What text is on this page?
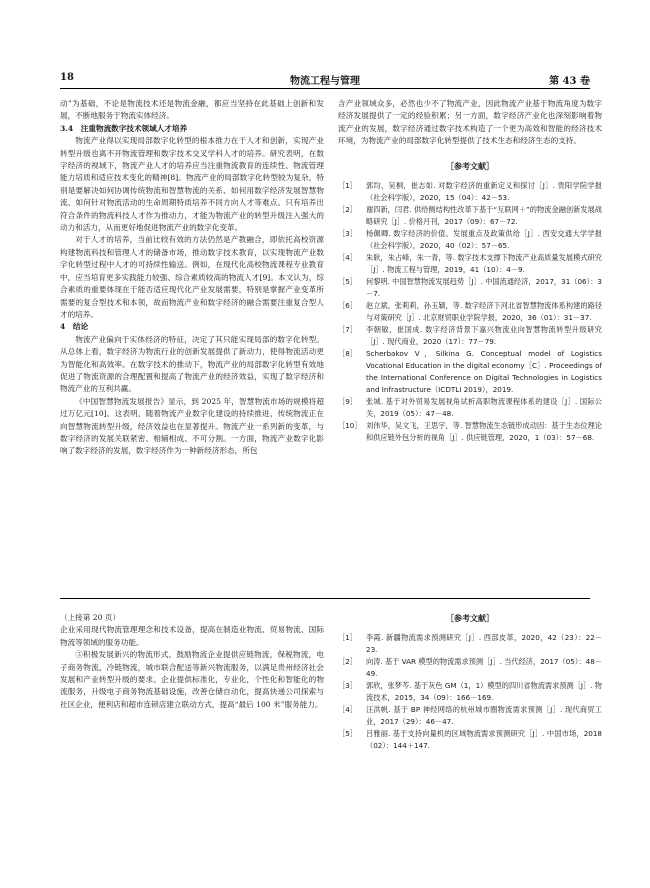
18	物流工程与管理	第 43 卷

动”为基础，不论是物流技术还是物流金融，都应当坚持在此基础上创新和发展，不断地服务于物流实体经济。

3.4　注重物流数字技术领域人才培养

物流产业得以实现局部数字化转型的根本推力在于人才和创新，实现产业转型升级也离不开物流管理和数字技术交叉学科人才的培养。研究表明，在数字经济的视域下，物流产业人才的培养应当注重物流教育的连续性、物流管理能力培质和适应技术变化的精神[8]。物流产业的局部数字化转型较为复杂，特别是要解决如何协调传统物流和智慧物流的关系、如何用数字经济发展智慧物流、如何针对物流活动的生命周期特质培养不同方向人才等难点。只有培养出符合条件的物流科技人才作为推动力，才能为物流产业的转型升级注入强大的动力和活力，从而更好地促进物流产业的数字化变革。

对于人才的培养，当前比较有效的方法仍然是产教融合，即依托高校资源构建物流科技和管理人才的储备市场，推动数字技术教育，以实现物流产业数字化转型过程中人才的可持续性输送。例如，在现代化高校物流课程专业教育中，应当培育更多实践能力较强、综合素质较高的物流人才[9]。本文认为，综合素质的重要体现在于能否适应现代化产业发展需要，特别是掌握产业变革所需要的复合型技术和本领，故而物流产业和数字经济的融合需要注重复合型人才的培养。

4　结论

物流产业偏向于实体经济的特征，决定了其只能实现局部的数字化转型。从总体上看，数字经济为物流行业的创新发展提供了新动力，使得物流活动更为智能化和高效率。在数字技术的推动下，物流产业的局部数字化转型有效地促进了物流资源的合理配置和提高了物流产业的经济效益，实现了数字经济和物流产业的互利共赢。

《中国智慧物流发展报告》显示，到 2025 年，智慧物流市场的规模将超过万亿元[10]。这表明，随着物流产业数字化建设的持续推进，传统物流正在向智慧物流转型升级，经济效益也在显著提升。物流产业一系列新的变革，与数字经济的发展关联紧密、相辅相成、不可分割。一方面，物流产业数字化影响了数字经济的发展，数字经济作为一种新经济形态，所包

含产业领域众多，必然也少不了物流产业，因此物流产业基于物流角度为数字经济发展提供了一定的经验积累；另一方面，数字经济产业化也深刻影响着物流产业的发展，数字经济通过数字技术构造了一个更为高效和智能的经济技术环境，为物流产业的局部数字化转型提供了技术生态和经济生态的支持。

［参考文献］
［1］	郭均，吴桐，崔志如. 对数字经济的重新定义和探讨［J］. 贵阳学院学报（社会科学版），2020，15（04）：42－53.
［2］	谢四新，闫君. 供给侧结构性改革下基于“互联网＋”的物流金融创新发展战略研究［J］. 价格月刊，2017（09）：67－72.
［3］	杨佩卿. 数字经济的价值、发展重点及政策供给［J］. 西安交通大学学报（社会科学版），2020，40（02）：57－65.
［4］	朱耿，朱占峰，朱一青，等. 数字技术支撑下物流产业高质量发展模式研究［J］. 物流工程与管理，2019，41（10）：4－9.
［5］	何黎明. 中国智慧物流发展趋势［J］. 中国流通经济，2017，31（06）：3－7.
［6］	赵立斌，张莉莉，孙玉颖，等. 数字经济下河北省智慧物流体系构建的路径与对策研究［J］. 北京财贸职业学院学报，2020，36（01）：31－37.
［7］	李朝敏，崔国成. 数字经济背景下嘉兴物流业向智慧物流转型升级研究［J］. 现代商业，2020（17）：77－79.
［8］	Scherbakov V，Silkina G. Conceptual model of Logistics Vocational Education in the digital economy［C］. Proceedings of the International Conference on Digital Technologies in Logistics and Infrastructure（ICDTLI 2019），2019.
［9］	张城. 基于对外贸易发展视角试析高职物流课程体系的建设［J］. 国际公关，2019（05）：47－48.
［10］ 刘伟华，吴文飞，王思宇，等. 智慧物流生态链形成动因：基于生态位理论和供应链外包分析的视角［J］. 供应链管理，2020，1（03）：57－68.

（上接第 20 页）

企业采用现代物流管理理念和技术设备，提高在制造业物流、贸易物流、国际物流等领域的服务功能。

③积极发展新兴的物流形式。鼓励物流企业提供应链物流，保税物流，电子商务物流，冷链物流，城市联合配送等新兴物流服务，以满足贵州经济社会发展和产业转型升级的要求。企业提供标准化，专业化，个性化和智能化的物流服务，升级电子商务物流基础设施，改善仓储自动化，提高快递公司探索与社区企业，便利店和超市连锁店建立联动方式，提高“最后 100 米”服务能力。

［参考文献］
［1］	李霞. 新疆物流需求预测研究［J］. 西部皮革，2020，42（23）：22－23.
［2］	向涛. 基于 VAR 模型的物流需求预测［J］. 当代经济，2017（05）：48－49.
［3］	郭欣，张梦芩. 基于灰色 GM（1，1）模型的四川省物流需求预测［J］. 物流技术，2015，34（09）：166－169.
［4］	汪洪帆. 基于 BP 神经网络的杭州城市圈物流需求预测［J］. 现代商贸工业，2017（29）：46－47.
［5］	吕雅丽. 基于支持向量机的区域物流需求预测研究［J］. 中国市场，2018（02）：144＋147.
